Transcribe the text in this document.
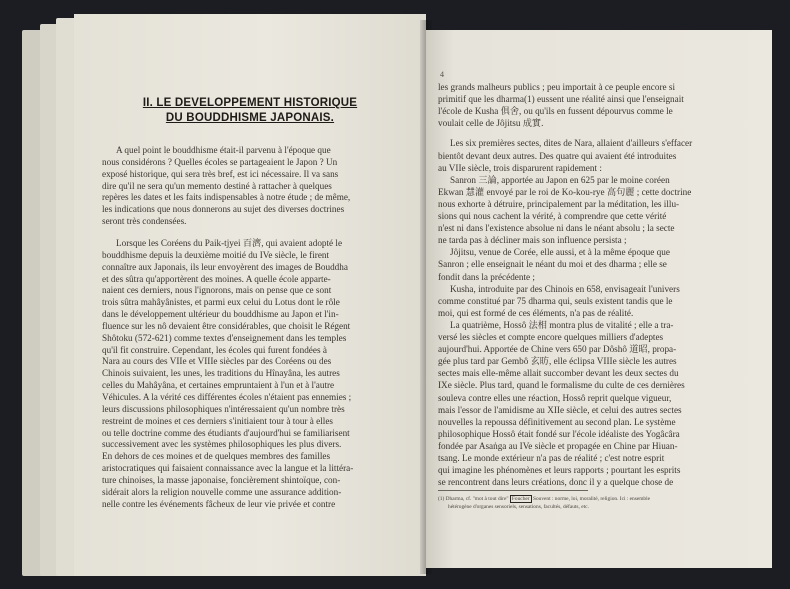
II. LE DEVELOPPEMENT HISTORIQUE
DU BOUDDHISME JAPONAIS.
A quel point le bouddhisme était-il parvenu à l'époque que
nous considérons ? Quelles écoles se partageaient le Japon ? Un
exposé historique, qui sera très bref, est ici nécessaire. Il va sans
dire qu'il ne sera qu'un memento destiné à rattacher à quelques
repères les dates et les faits indispensables à notre étude ; de même,
les indications que nous donnerons au sujet des diverses doctrines
seront très condensées.
Lorsque les Coréens du Paik-tjyei 百濟, qui avaient adopté le
bouddhisme depuis la deuxième moitié du IVe siècle, le firent
connaître aux Japonais, ils leur envoyèrent des images de Bouddha
et des sûtra qu'apportèrent des moines. A quelle école apparte-
naient ces derniers, nous l'ignorons, mais on pense que ce sont
trois sûtra mahâyânistes, et parmi eux celui du Lotus dont le rôle
dans le développement ultérieur du bouddhisme au Japon et l'in-
fluence sur les nô devaient être considérables, que choisit le Régent
Shôtoku (572-621) comme textes d'enseignement dans les temples
qu'il fit construire. Cependant, les écoles qui furent fondées à
Nara au cours des VIIe et VIIIe siècles par des Coréens ou des
Chinois suivaient, les unes, les traditions du Hînayâna, les autres
celles du Mahâyâna, et certaines empruntaient à l'un et à l'autre
Véhicules. A la vérité ces différentes écoles n'étaient pas ennemies ;
leurs discussions philosophiques n'intéressaient qu'un nombre très
restreint de moines et ces derniers s'initiaient tour à tour à elles
ou telle doctrine comme des étudiants d'aujourd'hui se familiarisent
successivement avec les systèmes philosophiques les plus divers.
En dehors de ces moines et de quelques membres des familles
aristocratiques qui faisaient connaissance avec la langue et la littéra-
ture chinoises, la masse japonaise, foncièrement shintoïque, con-
sidérait alors la religion nouvelle comme une assurance addition-
nelle contre les événements fâcheux de leur vie privée et contre
4
les grands malheurs publics ; peu importait à ce peuple encore si
primitif que les dharma(1) eussent une réalité ainsi que l'enseignait
l'école de Kusha 俱舍, ou qu'ils en fussent dépourvus comme le
voulait celle de Jôjitsu 成實.
Les six premières sectes, dites de Nara, allaient d'ailleurs s'effacer
bientôt devant deux autres. Des quatre qui avaient été introduites
au VIIe siècle, trois disparurent rapidement :
Sanron 三論, apportée au Japon en 625 par le moine coréen
Ekwan 慧灌 envoyé par le roi de Ko-kou-rye 高句麗 ; cette doctrine
nous exhorte à détruire, principalement par la méditation, les illu-
sions qui nous cachent la vérité, à comprendre que cette vérité
n'est ni dans l'existence absolue ni dans le néant absolu ; la secte
ne tarda pas à décliner mais son influence persista ;
Jôjitsu, venue de Corée, elle aussi, et à la même époque que
Sanron ; elle enseignait le néant du moi et des dharma ; elle se
fondit dans la précédente ;
Kusha, introduite par des Chinois en 658, envisageait l'univers
comme constitué par 75 dharma qui, seuls existent tandis que le
moi, qui est formé de ces éléments, n'a pas de réalité.
La quatrième, Hossô 法相 montra plus de vitalité ; elle a tra-
versé les siècles et compte encore quelques milliers d'adeptes
aujourd'hui. Apportée de Chine vers 650 par Dôshô 道昭, propa-
gée plus tard par Gembô 玄昉, elle éclipsa VIIIe siècle les autres
sectes mais elle-même allait succomber devant les deux sectes du
IXe siècle. Plus tard, quand le formalisme du culte de ces dernières
souleva contre elles une réaction, Hossô reprit quelque vigueur,
mais l'essor de l'amidisme au XIIe siècle, et celui des autres sectes
nouvelles la repoussa définitivement au second plan. Le système
philosophique Hossô était fondé sur l'école idéaliste des Yogâcâra
fondée par Asaṅga au IVe siècle et propagée en Chine par Hiuan-
tsang. Le monde extérieur n'a pas de réalité ; c'est notre esprit
qui imagine les phénomènes et leurs rapports ; pourtant les esprits
se rencontrent dans leurs créations, donc il y a quelque chose de
(1) Dharma, cf. "mot à tout dire" Foucher Souvent : norme, loi, moralité, religion. Ici : ensemble
hétérogène d'organes sensoriels, sensations, facultés, défauts, etc.
